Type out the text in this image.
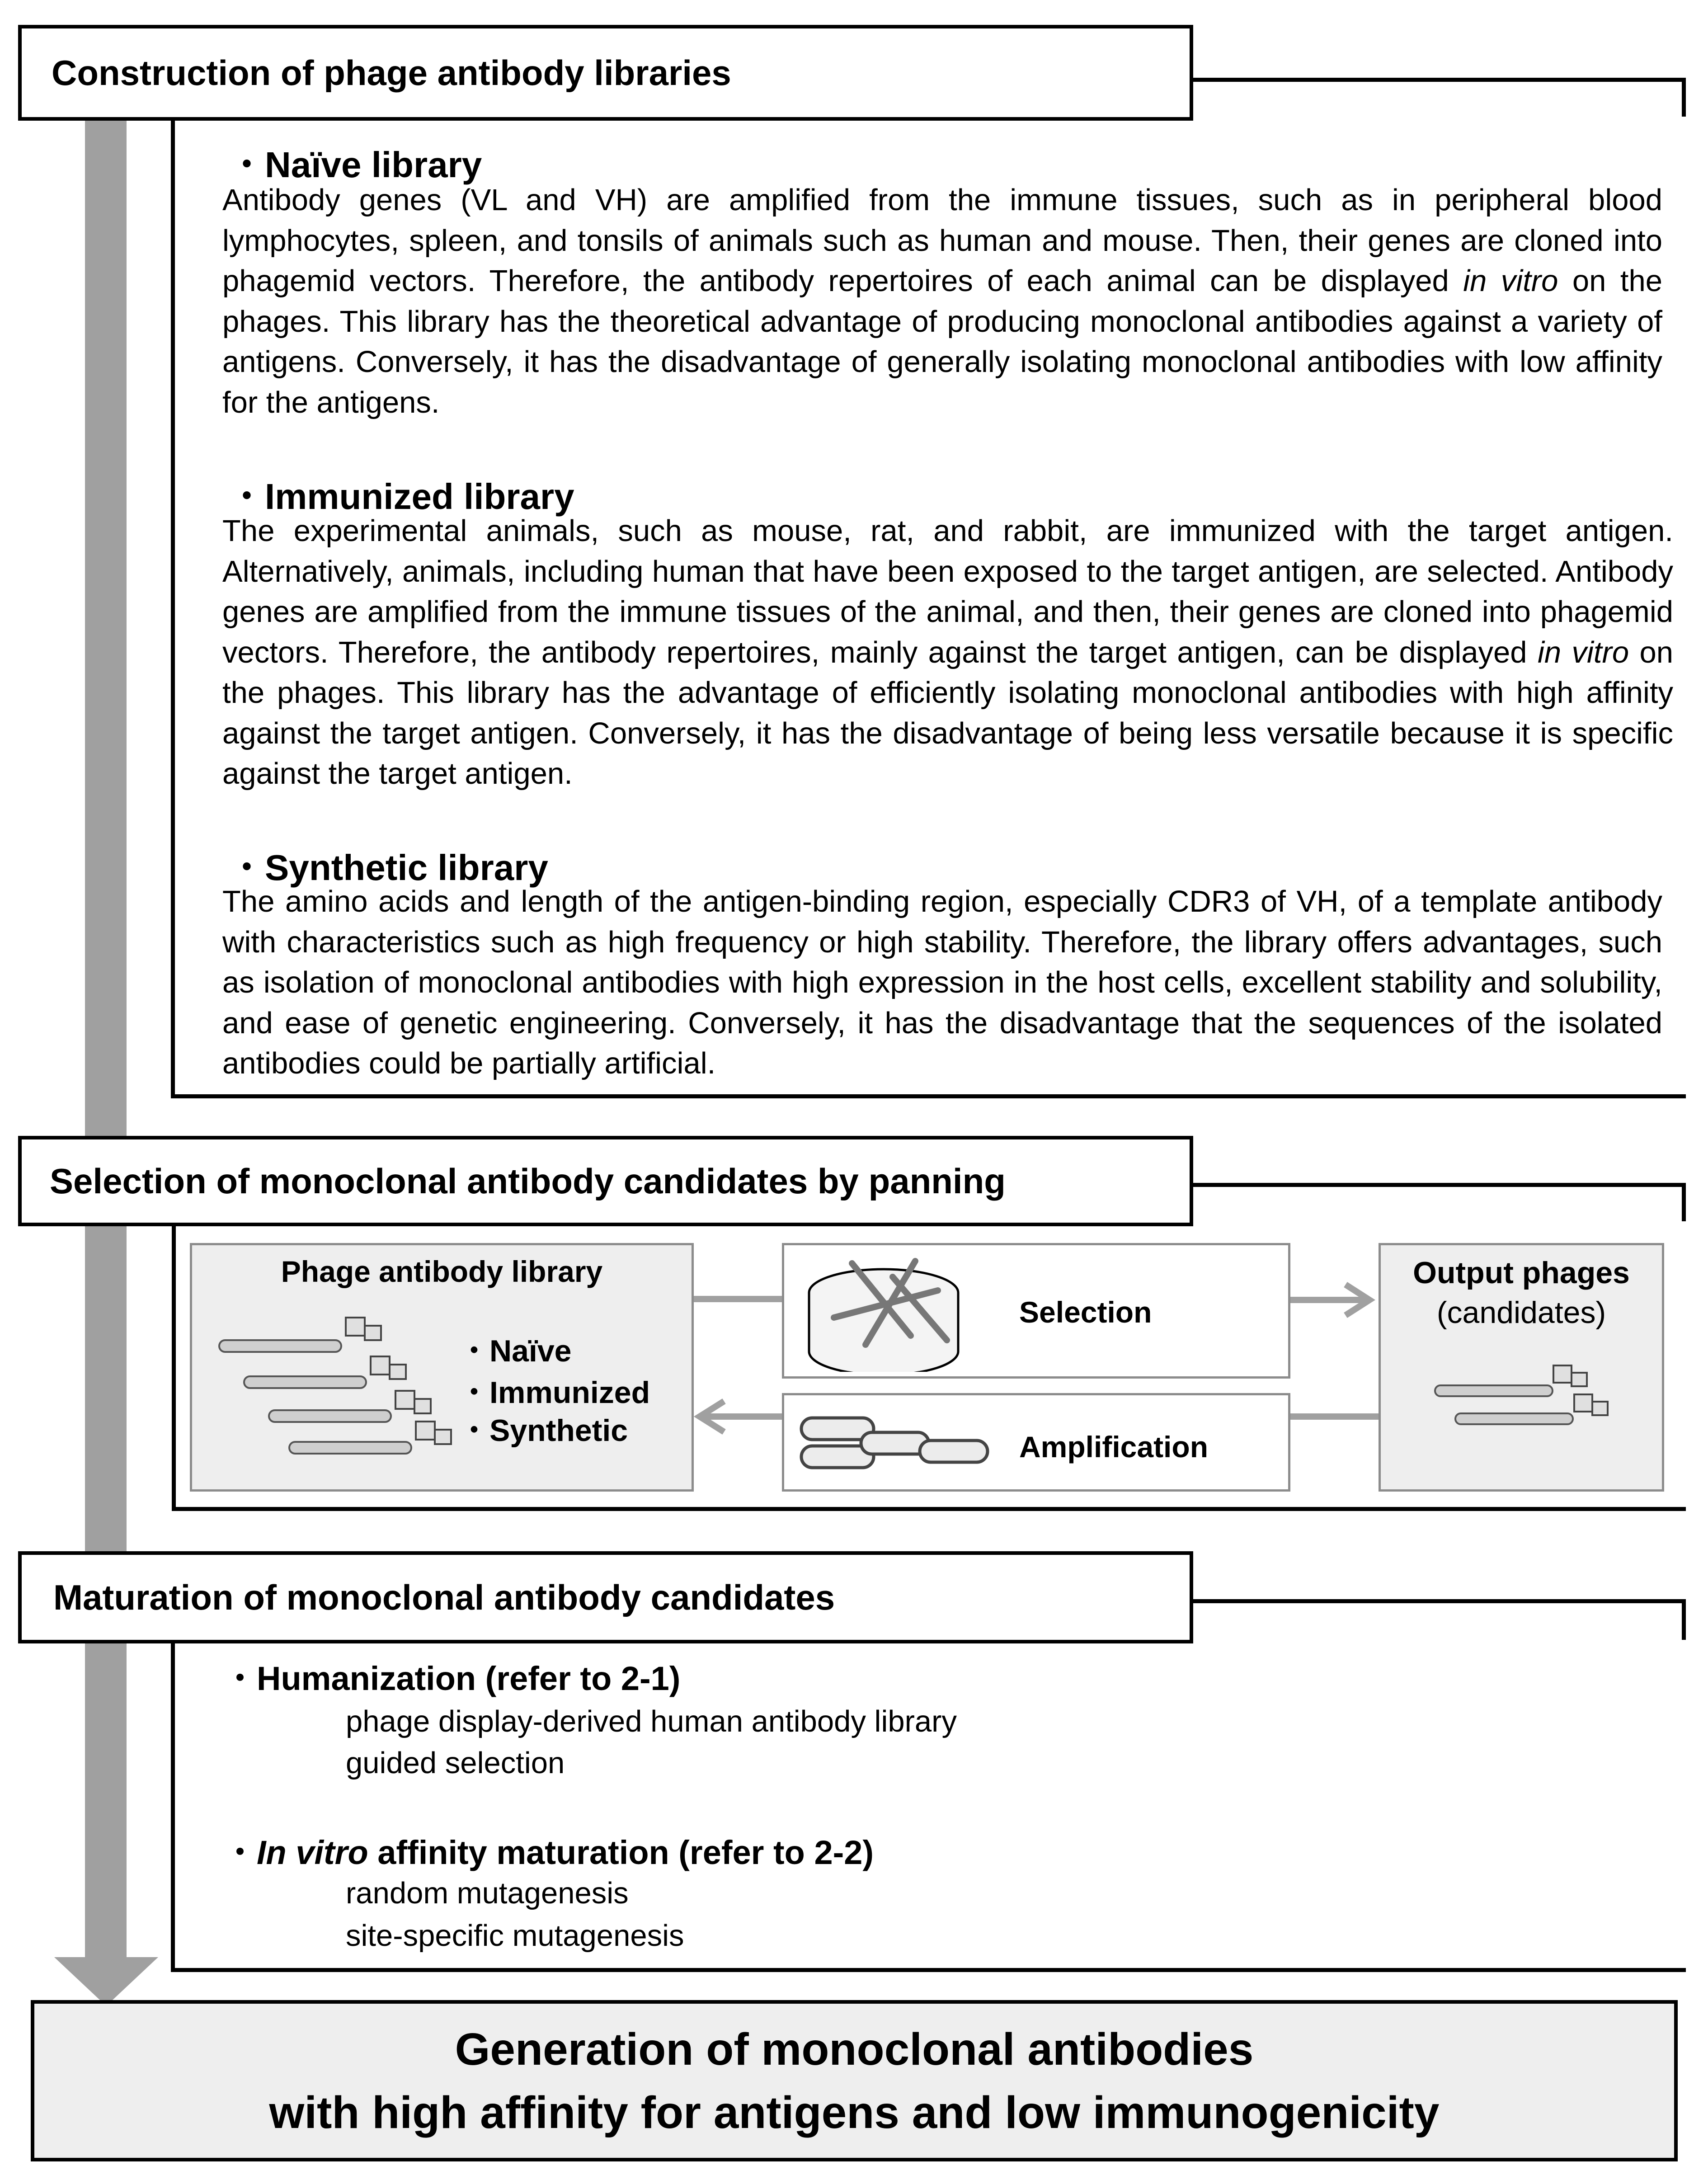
Construction of phage antibody libraries
・Naïve library
Antibody genes (VL and VH) are amplified from the immune tissues, such as in peripheral blood lymphocytes, spleen, and tonsils of animals such as human and mouse. Then, their genes are cloned into phagemid vectors. Therefore, the antibody repertoires of each animal can be displayed in vitro on the phages. This library has the theoretical advantage of producing monoclonal antibodies against a variety of antigens. Conversely, it has the disadvantage of generally isolating monoclonal antibodies with low affinity for the antigens.
・Immunized library
The experimental animals, such as mouse, rat, and rabbit, are immunized with the target antigen. Alternatively, animals, including human that have been exposed to the target antigen, are selected. Antibody genes are amplified from the immune tissues of the animal, and then, their genes are cloned into phagemid vectors. Therefore, the antibody repertoires, mainly against the target antigen, can be displayed in vitro on the phages. This library has the advantage of efficiently isolating monoclonal antibodies with high affinity against the target antigen. Conversely, it has the disadvantage of being less versatile because it is specific against the target antigen.
・Synthetic library
The amino acids and length of the antigen-binding region, especially CDR3 of VH, of a template antibody with characteristics such as high frequency or high stability. Therefore, the library offers advantages, such as isolation of monoclonal antibodies with high expression in the host cells, excellent stability and solubility, and ease of genetic engineering. Conversely, it has the disadvantage that the sequences of the isolated antibodies could be partially artificial.
Selection of monoclonal antibody candidates by panning
Phage antibody library
・Naïve
・Immunized
・Synthetic
Selection
Amplification
Output phages
(candidates)
Maturation of monoclonal antibody candidates
・Humanization (refer to 2-1)
phage display-derived human antibody library
guided selection
・In vitro affinity maturation (refer to 2-2)
random mutagenesis
site-specific mutagenesis
Generation of monoclonal antibodies
with high affinity for antigens and low immunogenicity
